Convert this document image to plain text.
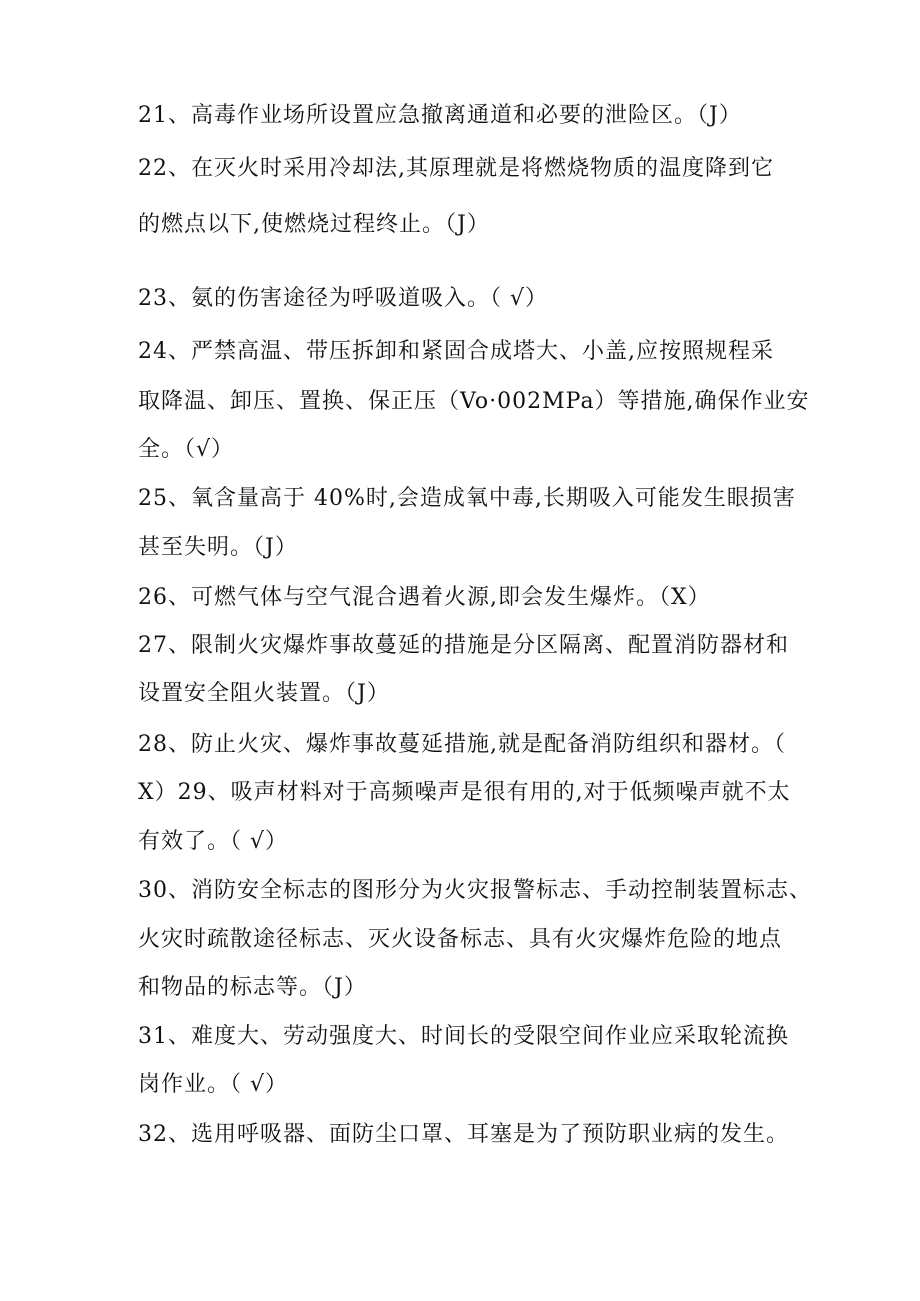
21、高毒作业场所设置应急撤离通道和必要的泄险区。（J）
22、在灭火时采用冷却法,其原理就是将燃烧物质的温度降到它
的燃点以下,使燃烧过程终止。（J）
23、氨的伤害途径为呼吸道吸入。（ √）
24、严禁高温、带压拆卸和紧固合成塔大、小盖,应按照规程采
取降温、卸压、置换、保正压（Vo·002MPa）等措施,确保作业安
全。（√）
25、氧含量高于 40%时,会造成氧中毒,长期吸入可能发生眼损害
甚至失明。（J）
26、可燃气体与空气混合遇着火源,即会发生爆炸。（X）
27、限制火灾爆炸事故蔓延的措施是分区隔离、配置消防器材和
设置安全阻火装置。（J）
28、防止火灾、爆炸事故蔓延措施,就是配备消防组织和器材。（
X）29、吸声材料对于高频噪声是很有用的,对于低频噪声就不太
有效了。（ √）
30、消防安全标志的图形分为火灾报警标志、手动控制装置标志、
火灾时疏散途径标志、灭火设备标志、具有火灾爆炸危险的地点
和物品的标志等。（J）
31、难度大、劳动强度大、时间长的受限空间作业应采取轮流换
岗作业。（ √）
32、选用呼吸器、面防尘口罩、耳塞是为了预防职业病的发生。
